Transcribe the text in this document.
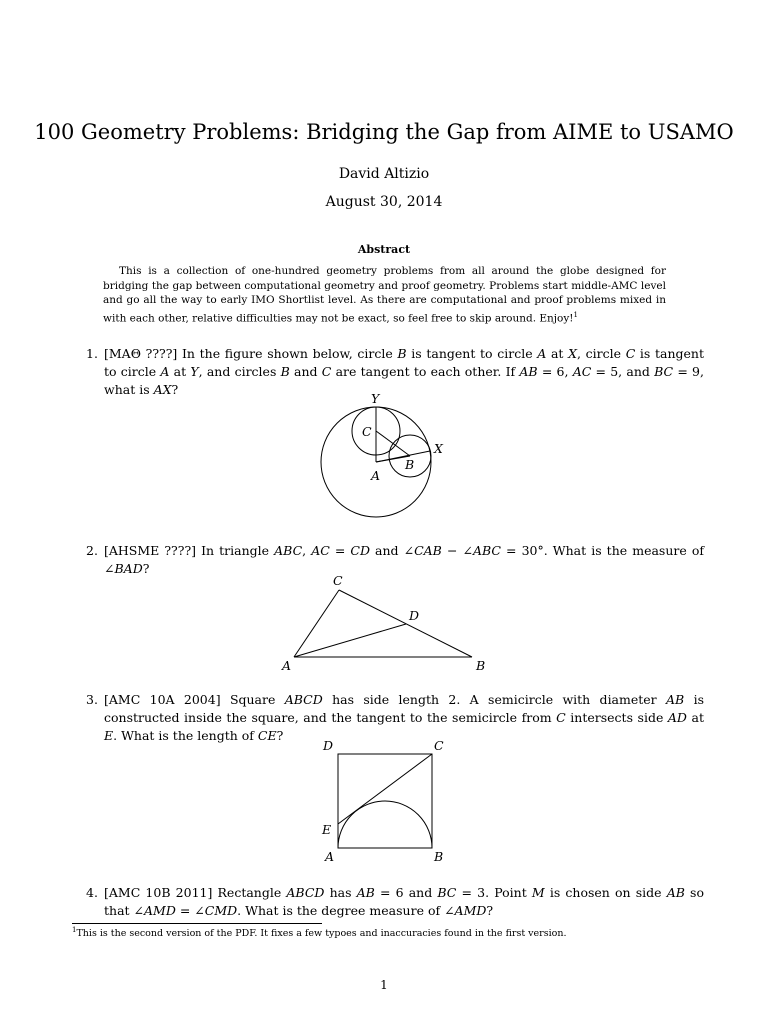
100 Geometry Problems: Bridging the Gap from AIME to USAMO
David Altizio
August 30, 2014
Abstract
This is a collection of one-hundred geometry problems from all around the globe designed for bridging the gap between computational geometry and proof geometry. Problems start middle-AMC level and go all the way to early IMO Shortlist level. As there are computational and proof problems mixed in with each other, relative difficulties may not be exact, so feel free to skip around. Enjoy!$^1$
1. [MAΘ ????] In the figure shown below, circle B is tangent to circle A at X, circle C is tangent to circle A at Y, and circles B and C are tangent to each other. If AB = 6, AC = 5, and BC = 9, what is AX?
Y
C
X
B
A
2. [AHSME ????] In triangle ABC, AC = CD and ∠CAB − ∠ABC = 30°. What is the measure of ∠BAD?
C
D
A	B
3. [AMC 10A 2004] Square ABCD has side length 2. A semicircle with diameter AB is constructed inside the square, and the tangent to the semicircle from C intersects side AD at E. What is the length of CE?
D	C
E
A	B
4. [AMC 10B 2011] Rectangle ABCD has AB = 6 and BC = 3. Point M is chosen on side AB so that ∠AMD = ∠CMD. What is the degree measure of ∠AMD?
$^1$This is the second version of the PDF. It fixes a few typoes and inaccuracies found in the first version.
1
